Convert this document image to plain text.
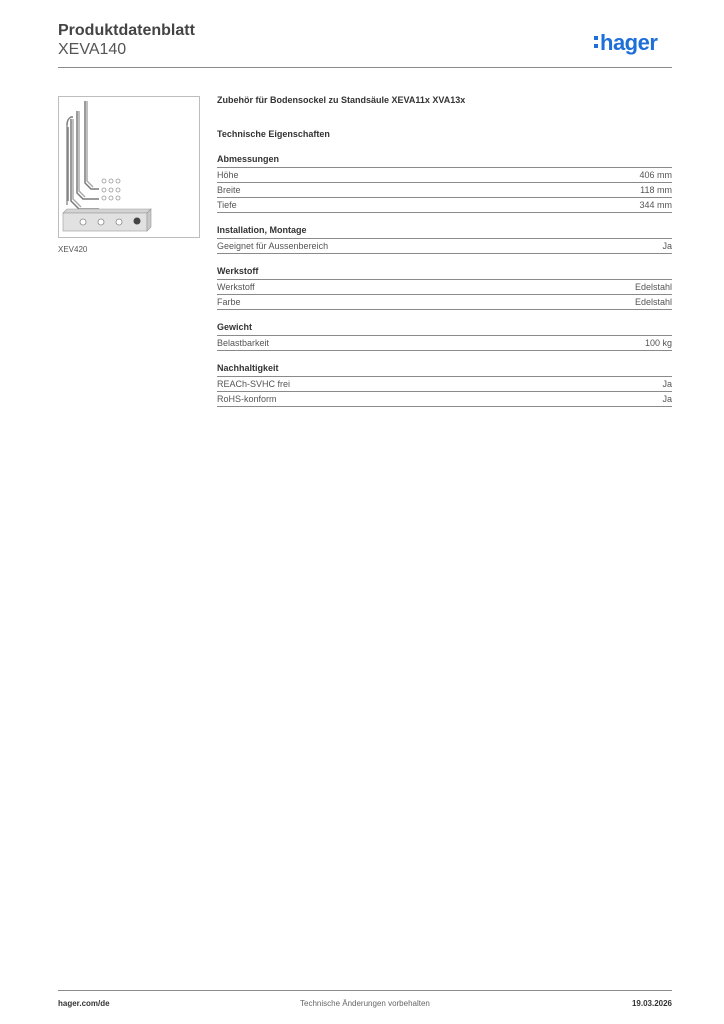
Produktdatenblatt
XEVA140	hager
XEV420
Zubehör für Bodensockel zu Standsäule XEVA11x XVA13x
Technische Eigenschaften
Abmessungen
Höhe	406 mm
Breite	118 mm
Tiefe	344 mm
Installation, Montage
Geeignet für Aussenbereich	Ja
Werkstoff
Werkstoff	Edelstahl
Farbe	Edelstahl
Gewicht
Belastbarkeit	100 kg
Nachhaltigkeit
REACh-SVHC frei	Ja
RoHS-konform	Ja
hager.com/de	Technische Änderungen vorbehalten	19.03.2026
